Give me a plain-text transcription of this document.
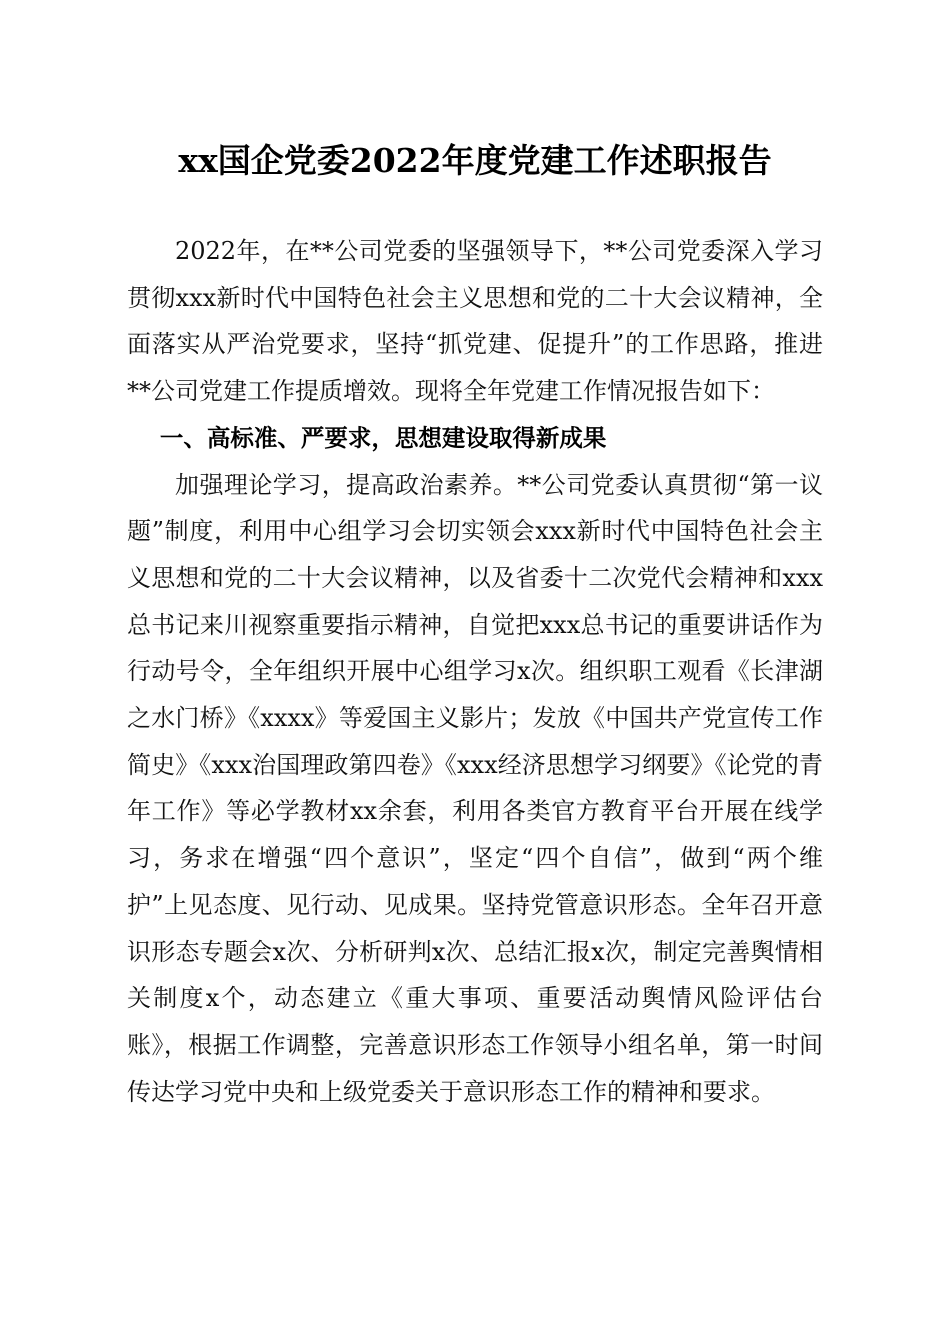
xx国企党委2022年度党建工作述职报告

2022年，在**公司党委的坚强领导下，**公司党委深入学习贯彻xxx新时代中国特色社会主义思想和党的二十大会议精神，全面落实从严治党要求，坚持“抓党建、促提升”的工作思路，推进**公司党建工作提质增效。现将全年党建工作情况报告如下：

一、高标准、严要求，思想建设取得新成果

加强理论学习，提高政治素养。**公司党委认真贯彻“第一议题”制度，利用中心组学习会切实领会xxx新时代中国特色社会主义思想和党的二十大会议精神，以及省委十二次党代会精神和xxx总书记来川视察重要指示精神，自觉把xxx总书记的重要讲话作为行动号令，全年组织开展中心组学习x次。组织职工观看《长津湖之水门桥》《xxxx》等爱国主义影片；发放《中国共产党宣传工作简史》《xxx治国理政第四卷》《xxx经济思想学习纲要》《论党的青年工作》等必学教材xx余套，利用各类官方教育平台开展在线学习，务求在增强“四个意识”，坚定“四个自信”，做到“两个维护”上见态度、见行动、见成果。坚持党管意识形态。全年召开意识形态专题会x次、分析研判x次、总结汇报x次，制定完善舆情相关制度x个，动态建立《重大事项、重要活动舆情风险评估台账》，根据工作调整，完善意识形态工作领导小组名单，第一时间传达学习党中央和上级党委关于意识形态工作的精神和要求。
